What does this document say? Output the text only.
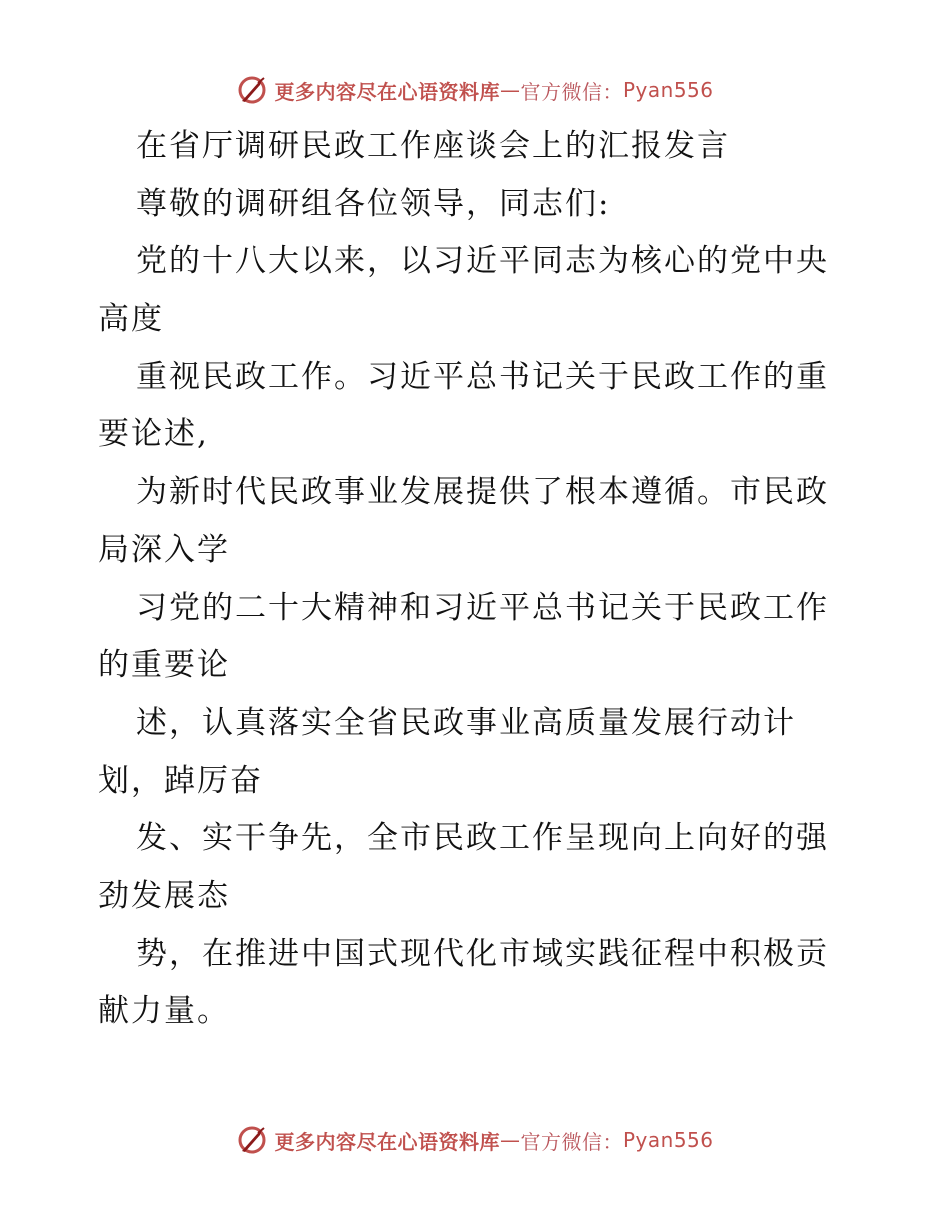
更多内容尽在心语资料库 — 官方微信： Pyan556
在省厅调研民政工作座谈会上的汇报发言
尊敬的调研组各位领导，同志们:
党的十八大以来，以习近平同志为核心的党中央
高度
重视民政工作。习近平总书记关于民政工作的重
要论述,
为新时代民政事业发展提供了根本遵循。市民政
局深入学
习党的二十大精神和习近平总书记关于民政工作
的重要论
述，认真落实全省民政事业高质量发展行动计
划，踔厉奋
发、实干争先，全市民政工作呈现向上向好的强
劲发展态
势，在推进中国式现代化市域实践征程中积极贡
献力量。
更多内容尽在心语资料库 — 官方微信： Pyan556
